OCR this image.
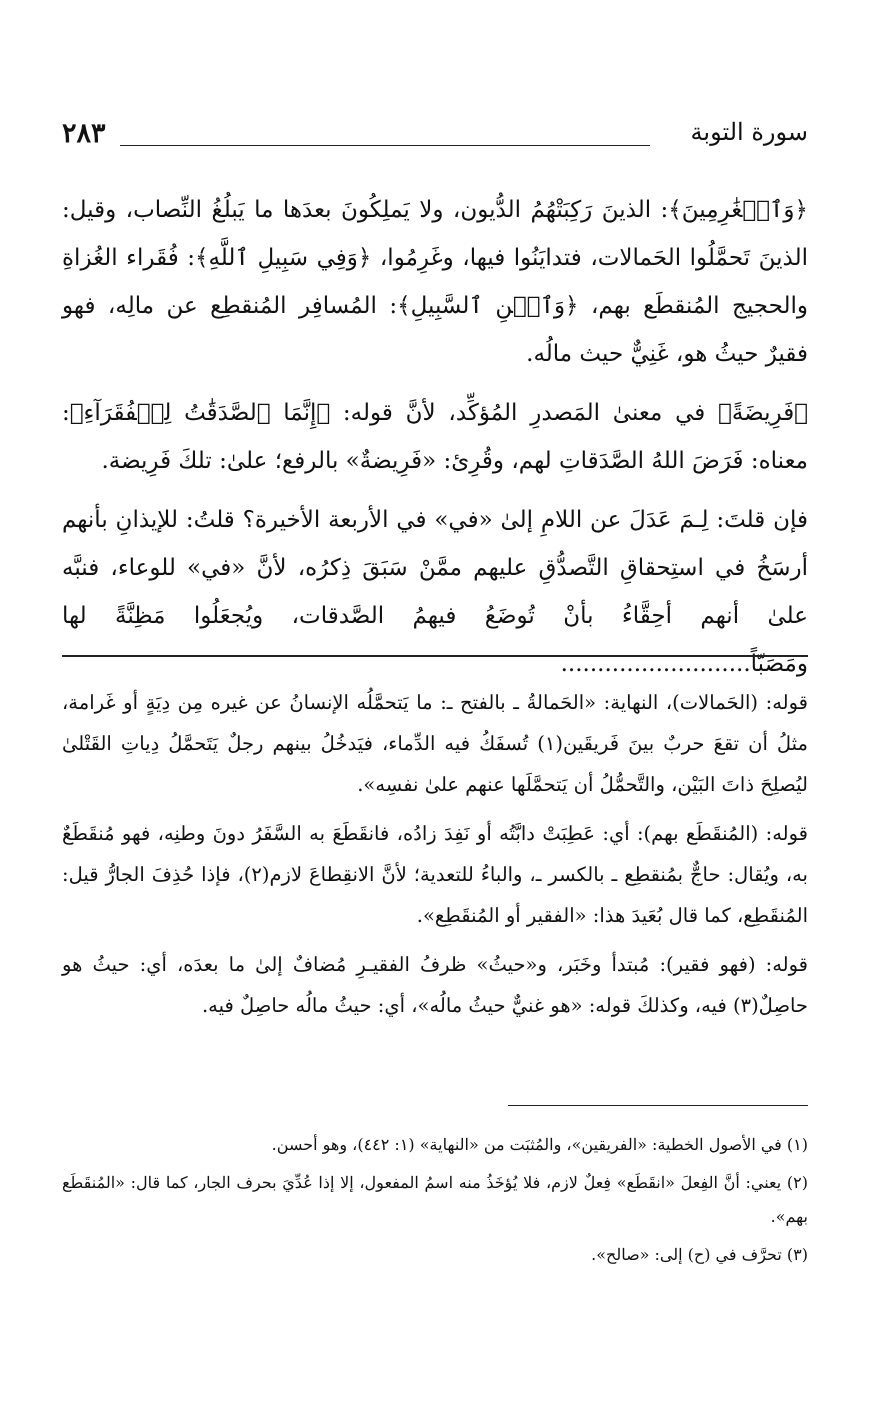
سورة التوبة
٢٨٣

﴿وَٱلۡغَٰرِمِينَ﴾: الذينَ رَكِبَتْهُمُ الدُّيون، ولا يَملِكُونَ بعدَها ما يَبلُغُ النِّصاب، وقيل: الذينَ تَحمَّلُوا الحَمالات، فتدايَنُوا فيها، وغَرِمُوا، ﴿وَفِي سَبِيلِ ٱللَّهِ﴾: فُقَراء الغُزاةِ والحجيج المُنقطَع بهم، ﴿وَٱبۡنِ ٱلسَّبِيلِ﴾: المُسافِر المُنقطِع عن مالِه، فهو فقيرٌ حيثُ هو، غَنِيٌّ حيث مالُه.

﴿فَرِيضَةً﴾ في معنىٰ المَصدرِ المُؤكِّد، لأنَّ قوله: ﴿إِنَّمَا ٱلصَّدَقَٰتُ لِلۡفُقَرَآءِ﴾: معناه: فَرَضَ اللهُ الصَّدَقاتِ لهم، وقُرِئ: «فَرِيضةٌ» بالرفع؛ علىٰ: تلكَ فَرِيضة.

فإن قلتَ: لِـمَ عَدَلَ عن اللامِ إلىٰ «في» في الأربعة الأخيرة؟ قلتُ: للإيذانِ بأنهم أرسَخُ في استِحقاقِ التَّصدُّقِ عليهم ممَّنْ سَبَقَ ذِكرُه، لأنَّ «في» للوعاء، فنبَّه علىٰ أنهم أحِقَّاءُ بأنْ تُوضَعُ فيهمُ الصَّدقات، ويُجعَلُوا مَظِنَّةً لها ومَصَبّاً..........................

قوله: (الحَمالات)، النهاية: «الحَمالةُ ـ بالفتح ـ: ما يَتحمَّلُه الإنسانُ عن غيره مِن دِيَةٍ أو غَرامة، مثلُ أن تقعَ حربٌ بينَ فَريقَين(١) تُسفَكُ فيه الدِّماء، فيَدخُلُ بينهم رجلٌ يَتَحمَّلُ دِياتِ القَتْلىٰ ليُصلِحَ ذاتَ البَيْن، والتَّحمُّلُ أن يَتحمَّلَها عنهم علىٰ نفسِه».

قوله: (المُنقَطَع بهم): أي: عَطِبَتْ دابَّتُه أو نَفِدَ زادُه، فانقَطَعَ به السَّفَرُ دونَ وطنِه، فهو مُنقَطَعٌ به، ويُقال: حاجٌّ بمُنقطِع ـ بالكسر ـ، والباءُ للتعدية؛ لأنَّ الانقِطاعَ لازم(٢)، فإذا حُذِفَ الجارُّ قيل: المُنقَطِع، كما قال بُعَيدَ هذا: «الفقير أو المُنقَطِع».

قوله: (فهو فقير): مُبتدأ وخَبَر، و«حيثُ» ظرفُ الفقيـرِ مُضافٌ إلىٰ ما بعدَه، أي: حيثُ هو حاصِلٌ(٣) فيه، وكذلكَ قوله: «هو غنيٌّ حيثُ مالُه»، أي: حيثُ مالُه حاصِلٌ فيه.

(١) في الأصول الخطية: «الفريقين»، والمُثبَت من «النهاية» (١: ٤٤٢)، وهو أحسن.

(٢) يعني: أنَّ الفِعلَ «انقَطَع» فِعلٌ لازم، فلا يُؤخَذُ منه اسمُ المفعول، إلا إذا عُدِّيَ بحرف الجار، كما قال: «المُنقَطَع بهم».

(٣) تحرَّف في (ح) إلى: «صالح».
